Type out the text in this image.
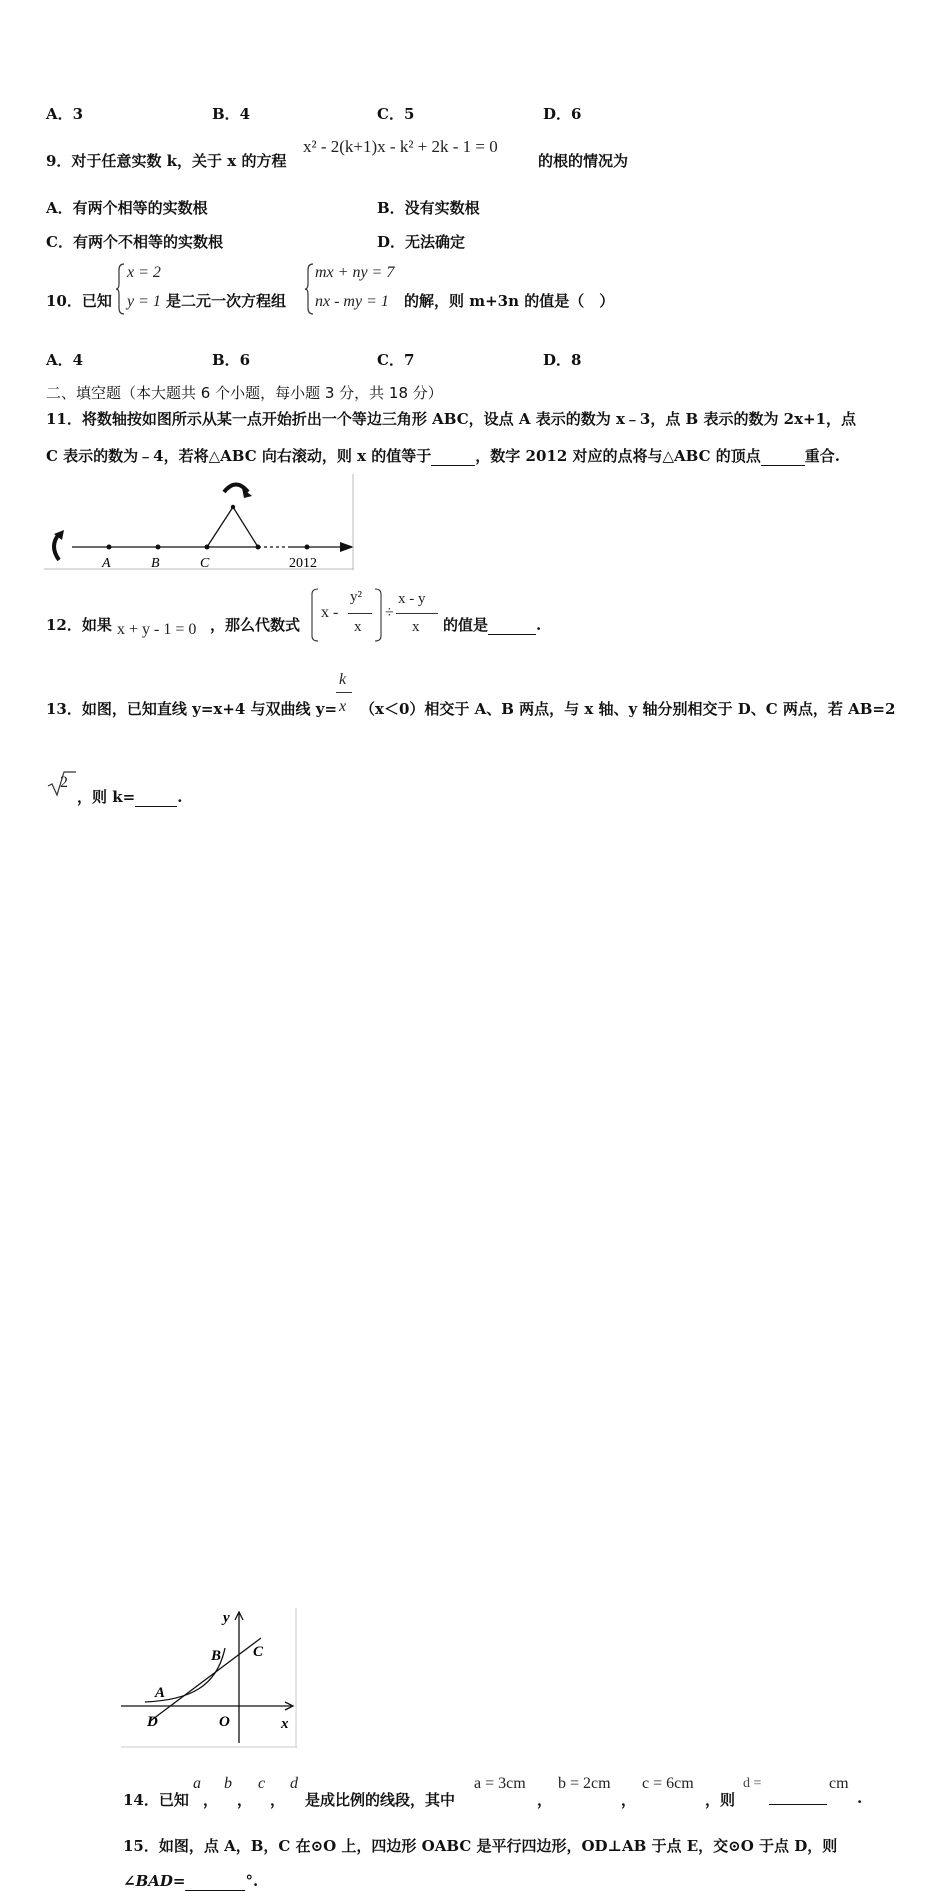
A．3	B．4	C．5	D．6
9．对于任意实数 k，关于 x 的方程
x² - 2(k+1)x - k² + 2k - 1 = 0
的根的情况为
A．有两个相等的实数根	B．没有实数根
C．有两个不相等的实数根	D．无法确定
10．已知
x = 2
y = 1 是二元一次方程组
mx + ny = 7
nx - my = 1 的解，则 m+3n 的值是（　）
A．4	B．6	C．7	D．8
二、填空题（本大题共 6 个小题，每小题 3 分，共 18 分）
11．将数轴按如图所示从某一点开始折出一个等边三角形 ABC，设点 A 表示的数为 x﹣3，点 B 表示的数为 2x+1，点
C 表示的数为﹣4，若将△ABC 向右滚动，则 x 的值等于	，数字 2012 对应的点将与△ABC 的顶点	重合.
A	B	C	2012
12．如果 x + y - 1 = 0 ，那么代数式
x -
y²
x
÷
x - y
x 的值是	.
13．如图，已知直线 y=x+4 与双曲线 y=
k
x （x＜0）相交于 A、B 两点，与 x 轴、y 轴分别相交于 D、C 两点，若 AB=2
2
，则 k=	.
y
B C
A
D	O	x
14．已知
a
，
b
，
c
，
d
是成比例的线段，其中
a = 3cm
，
b = 2cm
，
c = 6cm
，则
d =	cm
.
15．如图，点 A，B，C 在⊙O 上，四边形 OABC 是平行四边形，OD⊥AB 于点 E，交⊙O 于点 D，则
∠BAD=	°.
